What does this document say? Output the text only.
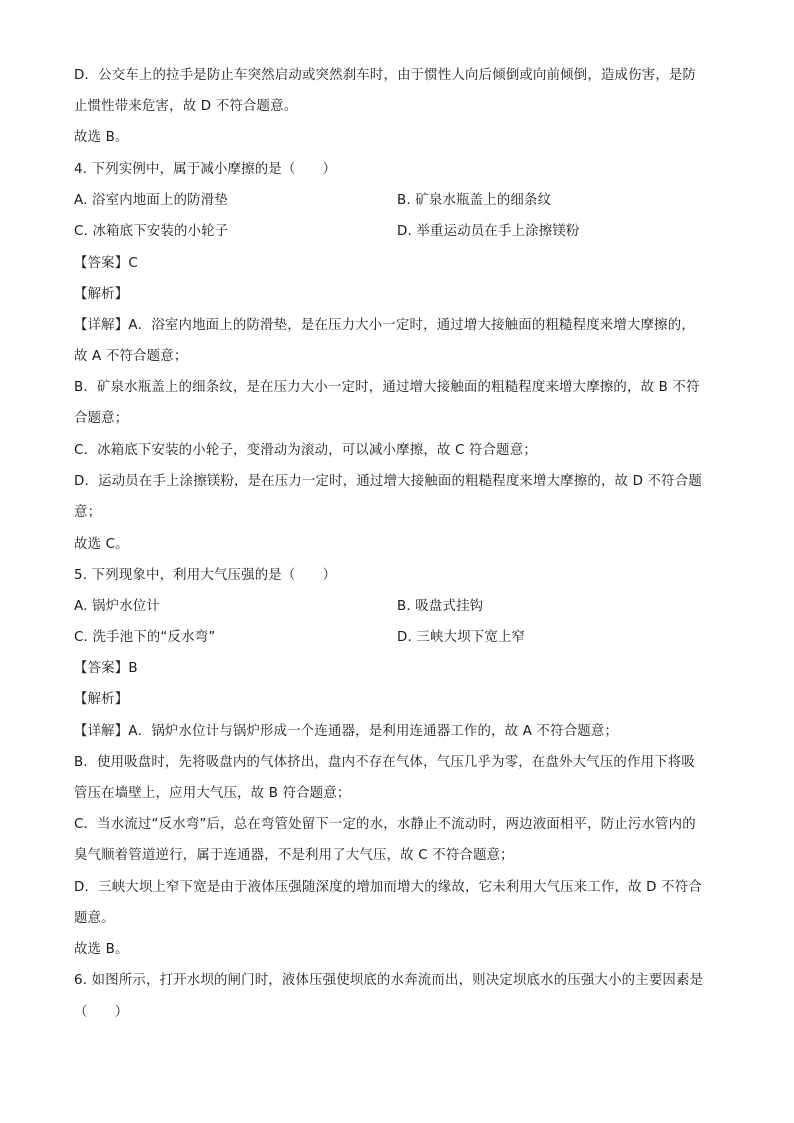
D．公交车上的拉手是防止车突然启动或突然刹车时，由于惯性人向后倾倒或向前倾倒，造成伤害，是防
止惯性带来危害，故 D 不符合题意。
故选 B。
4. 下列实例中，属于减小摩擦的是（　　）
A. 浴室内地面上的防滑垫	B. 矿泉水瓶盖上的细条纹
C. 冰箱底下安装的小轮子	D. 举重运动员在手上涂擦镁粉
【答案】C
【解析】
【详解】A．浴室内地面上的防滑垫，是在压力大小一定时，通过增大接触面的粗糙程度来增大摩擦的，
故 A 不符合题意；
B．矿泉水瓶盖上的细条纹，是在压力大小一定时，通过增大接触面的粗糙程度来增大摩擦的，故 B 不符
合题意；
C．冰箱底下安装的小轮子，变滑动为滚动，可以减小摩擦，故 C 符合题意；
D．运动员在手上涂擦镁粉，是在压力一定时，通过增大接触面的粗糙程度来增大摩擦的，故 D 不符合题
意；
故选 C。
5. 下列现象中，利用大气压强的是（　　）
A. 锅炉水位计	B. 吸盘式挂钩
C. 洗手池下的“反水弯”	D. 三峡大坝下宽上窄
【答案】B
【解析】
【详解】A．锅炉水位计与锅炉形成一个连通器，是利用连通器工作的，故 A 不符合题意；
B．使用吸盘时，先将吸盘内的气体挤出，盘内不存在气体，气压几乎为零，在盘外大气压的作用下将吸
管压在墙壁上，应用大气压，故 B 符合题意；
C．当水流过“反水弯”后，总在弯管处留下一定的水，水静止不流动时，两边液面相平，防止污水管内的
臭气顺着管道逆行，属于连通器，不是利用了大气压，故 C 不符合题意；
D．三峡大坝上窄下宽是由于液体压强随深度的增加而增大的缘故，它未利用大气压来工作，故 D 不符合
题意。
故选 B。
6. 如图所示，打开水坝的闸门时，液体压强使坝底的水奔流而出，则决定坝底水的压强大小的主要因素是
（　　）
